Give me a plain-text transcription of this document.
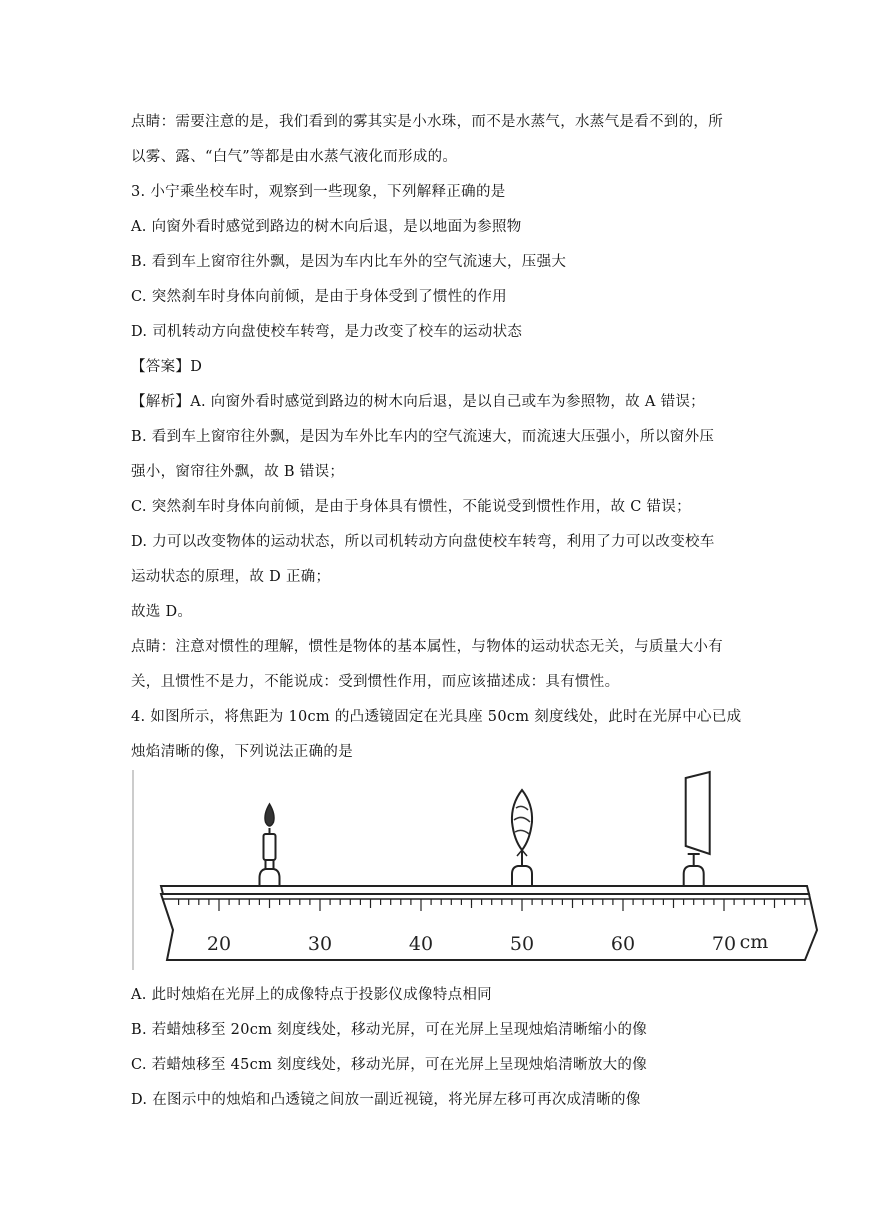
点睛：需要注意的是，我们看到的雾其实是小水珠，而不是水蒸气，水蒸气是看不到的，所
以雾、露、“白气”等都是由水蒸气液化而形成的。
3. 小宁乘坐校车时，观察到一些现象，下列解释正确的是
A. 向窗外看时感觉到路边的树木向后退，是以地面为参照物
B. 看到车上窗帘往外飘，是因为车内比车外的空气流速大，压强大
C. 突然刹车时身体向前倾，是由于身体受到了惯性的作用
D. 司机转动方向盘使校车转弯，是力改变了校车的运动状态
【答案】D
【解析】A. 向窗外看时感觉到路边的树木向后退，是以自己或车为参照物，故 A 错误；
B. 看到车上窗帘往外飘，是因为车外比车内的空气流速大，而流速大压强小，所以窗外压
强小，窗帘往外飘，故 B 错误；
C. 突然刹车时身体向前倾，是由于身体具有惯性，不能说受到惯性作用，故 C 错误；
D. 力可以改变物体的运动状态，所以司机转动方向盘使校车转弯，利用了力可以改变校车
运动状态的原理，故 D 正确；
故选 D。
点睛：注意对惯性的理解，惯性是物体的基本属性，与物体的运动状态无关，与质量大小有
关，且惯性不是力，不能说成：受到惯性作用，而应该描述成：具有惯性。
4. 如图所示，将焦距为 10cm 的凸透镜固定在光具座 50cm 刻度线处，此时在光屏中心已成
烛焰清晰的像，下列说法正确的是
20	30	40	50	60	70 cm
A. 此时烛焰在光屏上的成像特点于投影仪成像特点相同
B. 若蜡烛移至 20cm 刻度线处，移动光屏，可在光屏上呈现烛焰清晰缩小的像
C. 若蜡烛移至 45cm 刻度线处，移动光屏，可在光屏上呈现烛焰清晰放大的像
D. 在图示中的烛焰和凸透镜之间放一副近视镜，将光屏左移可再次成清晰的像
